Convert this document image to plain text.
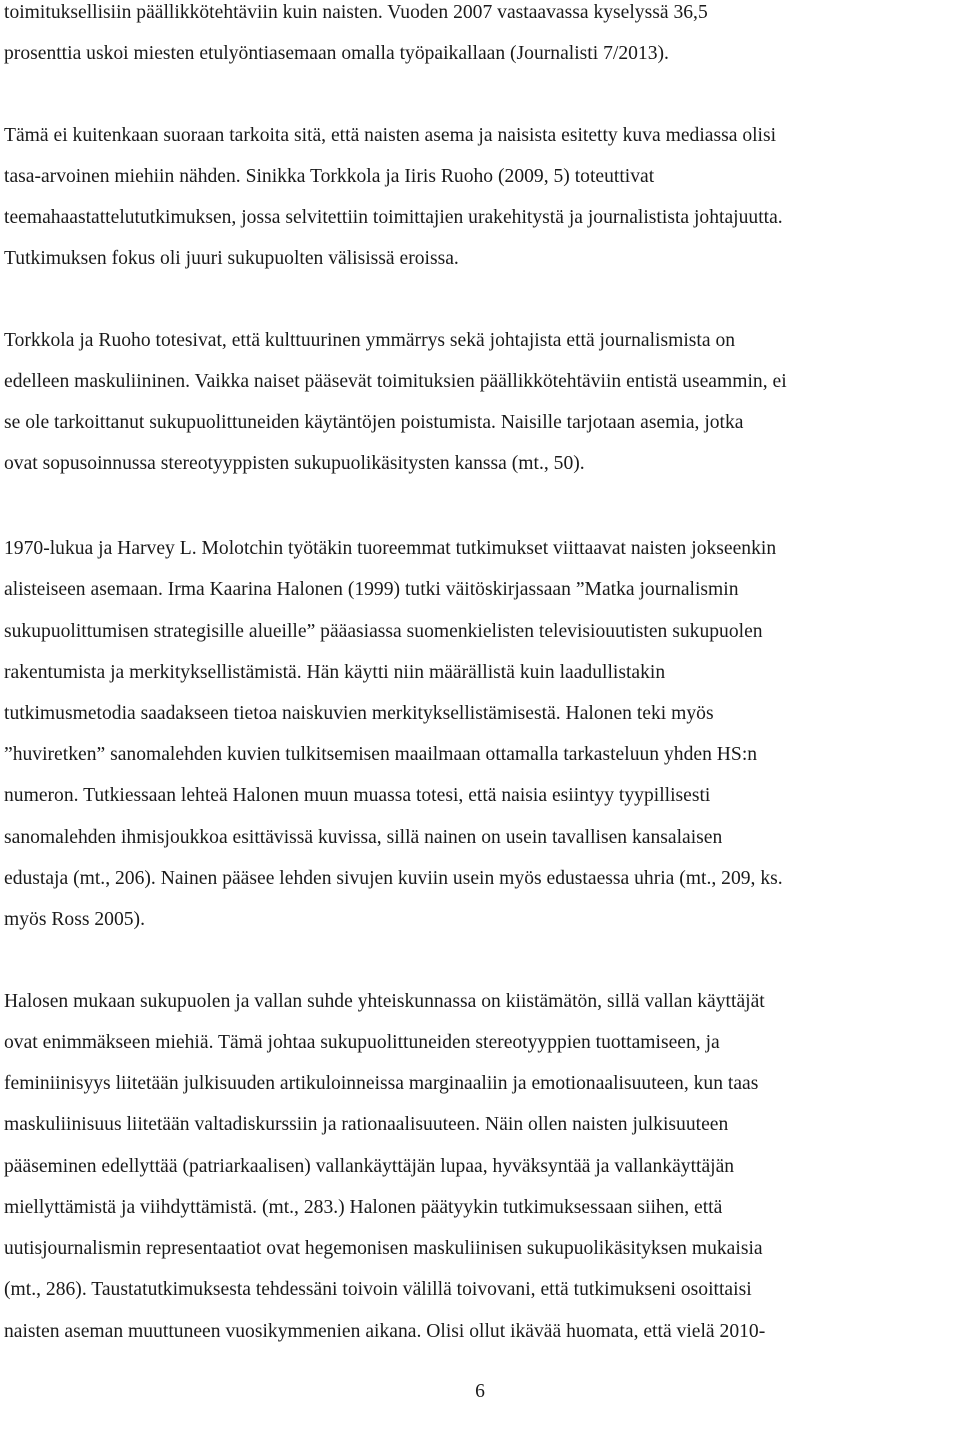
toimituksellisiin päällikkötehtäviin kuin naisten. Vuoden 2007 vastaavassa kyselyssä 36,5
prosenttia uskoi miesten etulyöntiasemaan omalla työpaikallaan (Journalisti 7/2013).
Tämä ei kuitenkaan suoraan tarkoita sitä, että naisten asema ja naisista esitetty kuva mediassa olisi
tasa-arvoinen miehiin nähden. Sinikka Torkkola ja Iiris Ruoho (2009, 5) toteuttivat
teemahaastattelututkimuksen, jossa selvitettiin toimittajien urakehitystä ja journalistista johtajuutta.
Tutkimuksen fokus oli juuri sukupuolten välisissä eroissa.
Torkkola ja Ruoho totesivat, että kulttuurinen ymmärrys sekä johtajista että journalismista on
edelleen maskuliininen. Vaikka naiset pääsevät toimituksien päällikkötehtäviin entistä useammin, ei
se ole tarkoittanut sukupuolittuneiden käytäntöjen poistumista. Naisille tarjotaan asemia, jotka
ovat sopusoinnussa stereotyyppisten sukupuolikäsitysten kanssa (mt., 50).
1970-lukua ja Harvey L. Molotchin työtäkin tuoreemmat tutkimukset viittaavat naisten jokseenkin
alisteiseen asemaan. Irma Kaarina Halonen (1999) tutki väitöskirjassaan ”Matka journalismin
sukupuolittumisen strategisille alueille” pääasiassa suomenkielisten televisiouutisten sukupuolen
rakentumista ja merkityksellistämistä. Hän käytti niin määrällistä kuin laadullistakin
tutkimusmetodia saadakseen tietoa naiskuvien merkityksellistämisestä. Halonen teki myös
”huviretken” sanomalehden kuvien tulkitsemisen maailmaan ottamalla tarkasteluun yhden HS:n
numeron. Tutkiessaan lehteä Halonen muun muassa totesi, että naisia esiintyy tyypillisesti
sanomalehden ihmisjoukkoa esittävissä kuvissa, sillä nainen on usein tavallisen kansalaisen
edustaja (mt., 206). Nainen pääsee lehden sivujen kuviin usein myös edustaessa uhria (mt., 209, ks.
myös Ross 2005).
Halosen mukaan sukupuolen ja vallan suhde yhteiskunnassa on kiistämätön, sillä vallan käyttäjät
ovat enimmäkseen miehiä. Tämä johtaa sukupuolittuneiden stereotyyppien tuottamiseen, ja
feminiinisyys liitetään julkisuuden artikuloinneissa marginaaliin ja emotionaalisuuteen, kun taas
maskuliinisuus liitetään valtadiskurssiin ja rationaalisuuteen. Näin ollen naisten julkisuuteen
pääseminen edellyttää (patriarkaalisen) vallankäyttäjän lupaa, hyväksyntää ja vallankäyttäjän
miellyttämistä ja viihdyttämistä. (mt., 283.) Halonen päätyykin tutkimuksessaan siihen, että
uutisjournalismin representaatiot ovat hegemonisen maskuliinisen sukupuolikäsityksen mukaisia
(mt., 286). Taustatutkimuksesta tehdessäni toivoin välillä toivovani, että tutkimukseni osoittaisi
naisten aseman muuttuneen vuosikymmenien aikana. Olisi ollut ikävää huomata, että vielä 2010-
6
